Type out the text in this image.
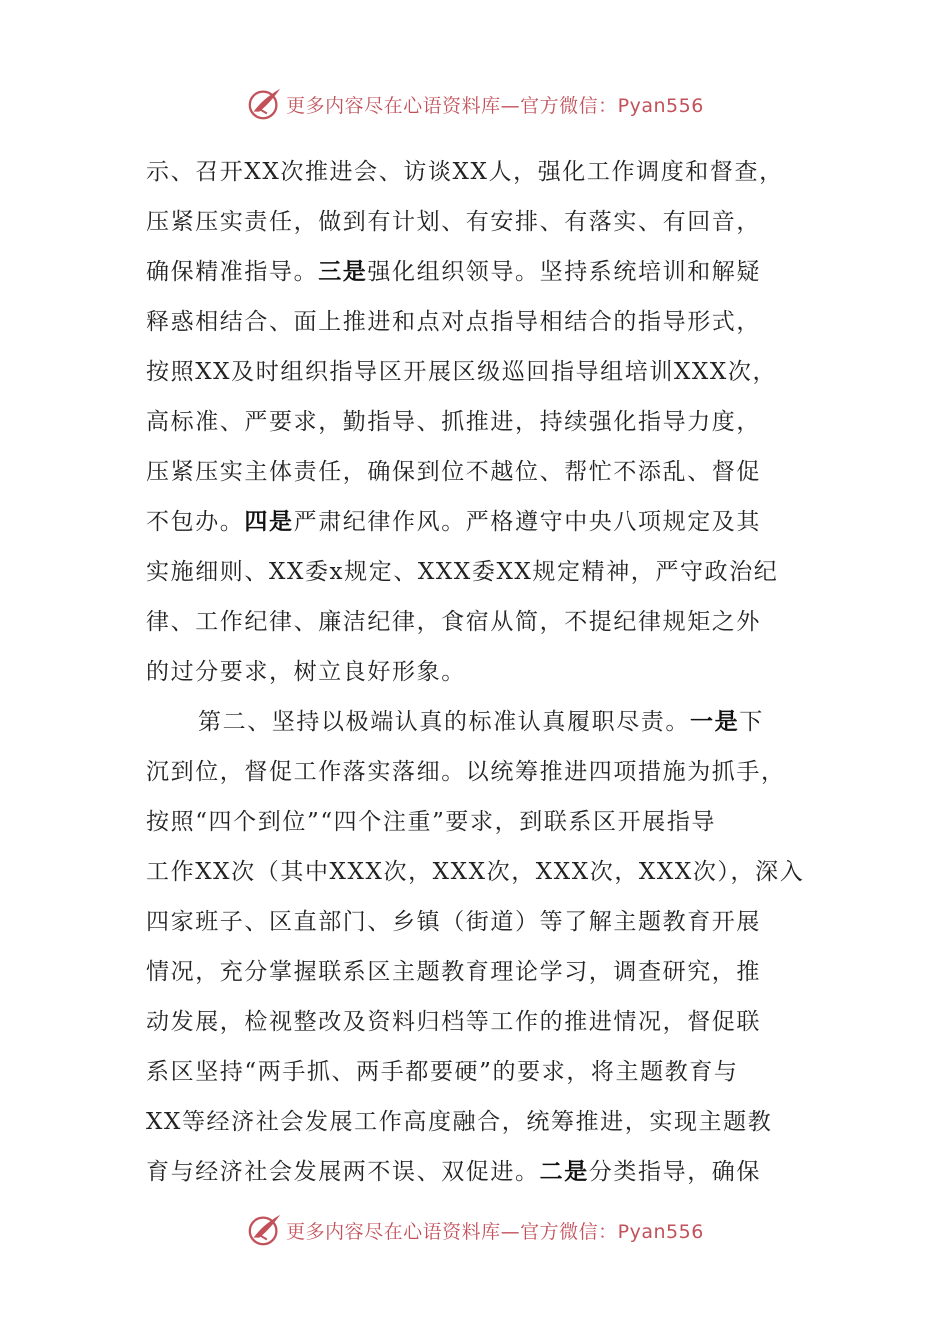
更多内容尽在心语资料库—官方微信：Pyan556
示、召开XX次推进会、访谈XX人，强化工作调度和督查，
压紧压实责任，做到有计划、有安排、有落实、有回音，
确保精准指导。三是强化组织领导。坚持系统培训和解疑
释惑相结合、面上推进和点对点指导相结合的指导形式，
按照XX及时组织指导区开展区级巡回指导组培训XXX次，
高标准、严要求，勤指导、抓推进，持续强化指导力度，
压紧压实主体责任，确保到位不越位、帮忙不添乱、督促
不包办。四是严肃纪律作风。严格遵守中央八项规定及其
实施细则、XX委x规定、XXX委XX规定精神，严守政治纪
律、工作纪律、廉洁纪律，食宿从简，不提纪律规矩之外
的过分要求，树立良好形象。
第二、坚持以极端认真的标准认真履职尽责。一是下
沉到位，督促工作落实落细。以统筹推进四项措施为抓手，
按照“四个到位”“四个注重”要求，到联系区开展指导
工作XX次（其中XXX次，XXX次，XXX次，XXX次），深入
四家班子、区直部门、乡镇（街道）等了解主题教育开展
情况，充分掌握联系区主题教育理论学习，调查研究，推
动发展，检视整改及资料归档等工作的推进情况，督促联
系区坚持“两手抓、两手都要硬”的要求，将主题教育与
XX等经济社会发展工作高度融合，统筹推进，实现主题教
育与经济社会发展两不误、双促进。二是分类指导，确保
更多内容尽在心语资料库—官方微信：Pyan556
